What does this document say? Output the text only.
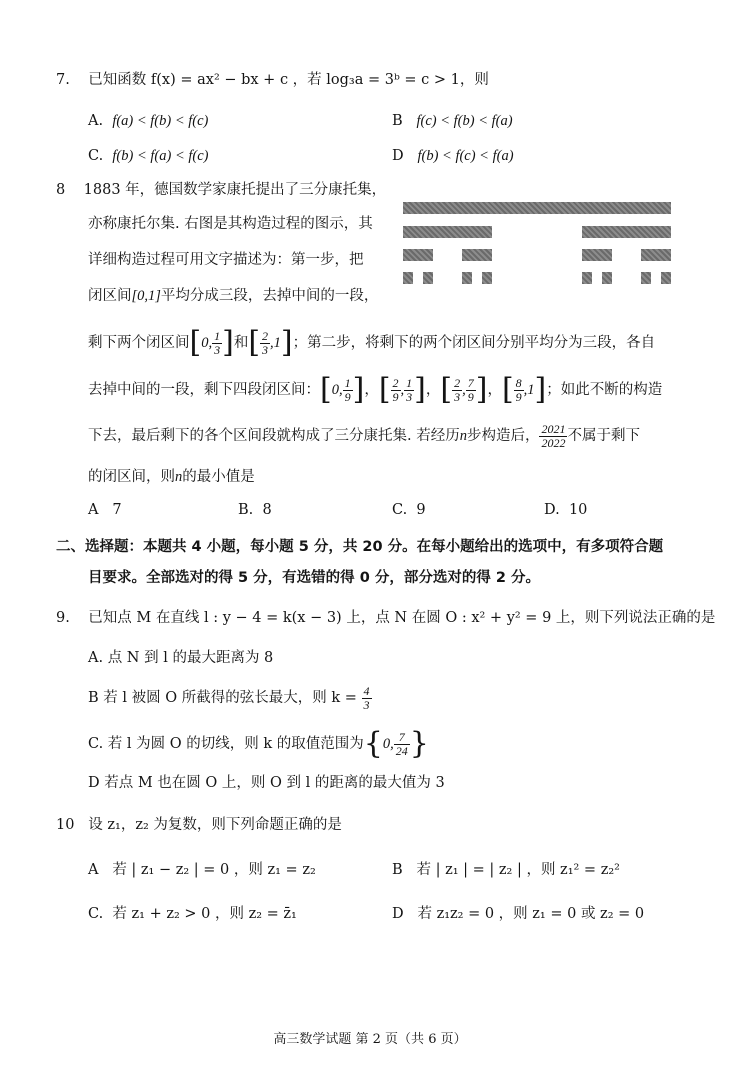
7. 已知函数 f(x) = ax² − bx + c ，若 log₃a = 3ᵇ = c > 1，则
A. f(a) < f(b) < f(c)	B f(c) < f(b) < f(a)
C. f(b) < f(a) < f(c)	D f(b) < f(c) < f(a)
8 1883 年，德国数学家康托提出了三分康托集，
亦称康托尔集. 右图是其构造过程的图示，其
详细构造过程可用文字描述为：第一步，把
闭区间[0,1]平均分成三段，去掉中间的一段，
剩下两个闭区间[0, $\frac{1}{3}$ ]和[ $\frac{2}{3} ,1$]；第二步，将剩下的两个闭区间分别平均分为三段，各自
去掉中间的一段，剩下四段闭区间：[0, $\frac{1}{9}$ ]，[ $\frac{2}{9}$ , $\frac{1}{3}$ ]，[ $\frac{2}{3}$ , $\frac{7}{9}$ ]，[ $\frac{8}{9} ,1$]；如此不断的构造
下去，最后剩下的各个区间段就构成了三分康托集. 若经历n步构造后， $\frac{2021}{2022}$ 不属于剩下
的闭区间，则n的最小值是
A 7	B. 8	C. 9	D. 10
二、选择题：本题共 4 小题，每小题 5 分，共 20 分。在每小题给出的选项中，有多项符合题
目要求。全部选对的得 5 分，有选错的得 0 分，部分选对的得 2 分。
9. 已知点 M 在直线 l : y − 4 = k(x − 3) 上，点 N 在圆 O : x² + y² = 9 上，则下列说法正确的是
A. 点 N 到 l 的最大距离为 8
B 若 l 被圆 O 所截得的弦长最大，则 $k = \frac{4}{3}$
C. 若 l 为圆 O 的切线，则 k 的取值范围为{0, $\frac{7}{24}$ }
D 若点 M 也在圆 O 上，则 O 到 l 的距离的最大值为 3
10 设 z₁，z₂ 为复数，则下列命题正确的是
A 若 | z₁ − z₂ | = 0 ，则 z₁ = z₂	B 若 | z₁ | = | z₂ | ，则 z₁² = z₂²
C. 若 z₁ + z₂ > 0 ，则 z₂ = z̄₁	D 若 z₁z₂ = 0 ，则 z₁ = 0 或 z₂ = 0
高三数学试题 第 2 页（共 6 页）
